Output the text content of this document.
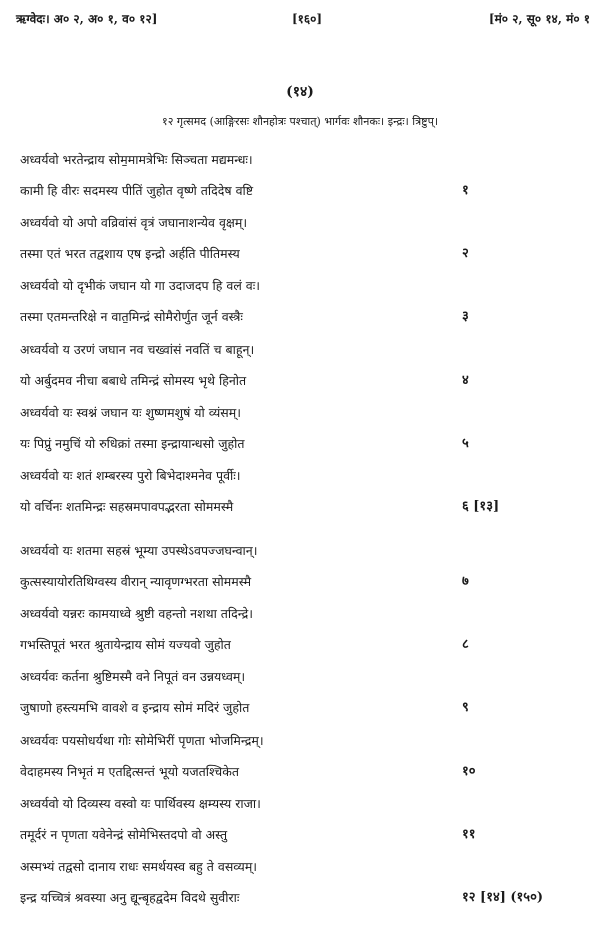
ऋग्वेदः। अ० २, अ० १, व० १२]	[१६०]	[मं० २, सू० १४, मं० १
(१४)
१२ गृत्समद (आङ्गिरसः शौनहोत्रः पश्चात्) भार्गवः शौनकः। इन्द्रः। त्रिष्टुप्।
अध्वर्यवो भरतेन्द्राय सोम॒मामत्रेभिः सिञ्चता मद्यमन्धः।
कामी हि वीरः सदमस्य पीतिं जुहोत वृष्णे तदिदेष वष्टि	१
अध्वर्यवो यो अपो वव्रिवांसं वृत्रं जघानाशन्येव वृक्षम्।
तस्मा एतं भरत तद्वशाय एष इन्द्रो अर्हति पीतिमस्य	२
अध्वर्यवो यो दृभीकं जघान यो गा उदाजदप हि वलं वः।
तस्मा एतमन्तरिक्षे न वात॒मिन्द्रं सोमैरोर्णुत जूर्न वस्त्रैः	३
अध्वर्यवो य उरणं जघान नव चख्वांसं नवतिं च बाहून्।
यो अर्बुदमव नीचा बबाधे तमिन्द्रं सोमस्य भृथे हिनोत	४
अध्वर्यवो यः स्वश्नं जघान यः शुष्णमशुषं यो व्यंसम्।
यः पिप्रुं नमुचिं यो रुधिक्रां तस्मा इन्द्रायान्धसो जुहोत	५
अध्वर्यवो यः शतं शम्बरस्य पुरो बिभेदाश्मनेव पूर्वीः।
यो वर्चिनः शतमिन्द्रः सहस्रमपावपद्भरता सोममस्मै	६ [१३]
अध्वर्यवो यः शतमा सहस्रं भूम्या उपस्थेऽवपज्जघन्वान्।
कुत्सस्यायोरतिथिग्वस्य वीरान् न्यावृणग्भरता सोममस्मै	७
अध्वर्यवो यन्नरः कामयाध्वे श्रुष्टी वहन्तो नशथा तदिन्द्रे।
गभस्तिपूतं भरत श्रुतायेन्द्राय सोमं यज्यवो जुहोत	८
अध्वर्यवः कर्तना श्रुष्टिमस्मै वने निपूतं वन उन्नयध्वम्।
जुषाणो हस्त्यमभि वावशे व इन्द्राय सोमं मदिरं जुहोत	९
अध्वर्यवः पयसोधर्यथा गोः सोमेभिरीं पृणता भोजमिन्द्रम्।
वेदाहमस्य निभृतं म एतद्दित्सन्तं भूयो यजतश्चिकेत	१०
अध्वर्यवो यो दिव्यस्य वस्वो यः पार्थिवस्य क्षम्यस्य राजा।
तमूर्दरं न पृणता यवेनेन्द्रं सोमेभिस्तदपो वो अस्तु	११
अस्मभ्यं तद्वसो दानाय राधः समर्थयस्व बहु ते वसव्यम्।
इन्द्र यच्चित्रं श्रवस्या अनु द्यून्बृहद्वदेम विदथे सुवीराः	१२ [१४] (१५०)
